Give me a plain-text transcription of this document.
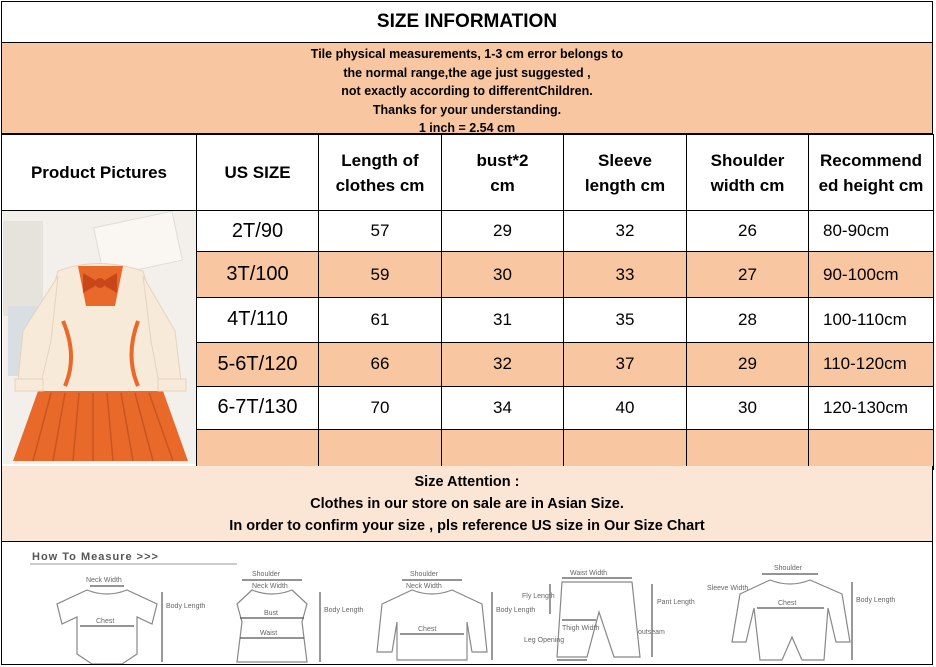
SIZE INFORMATION
Tile physical measurements, 1-3 cm error belongs to
the normal range,the age just suggested ,
not exactly according to differentChildren.
Thanks for your understanding.
1 inch = 2.54 cm
Product Pictures	US SIZE	Length of clothes cm	bust*2 cm	Sleeve length cm	Shoulder width cm	Recommend ed height cm

	2T/90	57	29	32	26	80-90cm
	3T/100	59	30	33	27	90-100cm
	4T/110	61	31	35	28	100-110cm
	5-6T/120	66	32	37	29	110-120cm
	6-7T/130	70	34	40	30	120-130cm

Size Attention :
Clothes in our store on sale are in Asian Size.
In order to confirm your size , pls reference US size in Our Size Chart
How To Measure >>>
Neck Width
Chest
Body Length
Shoulder
Neck Width
Bust
Waist
Body Length
Shoulder
Neck Width
Chest
Body Length
Waist Width
Fly Length
Thigh Width
Pant Length
outseam
Leg Opening
Shoulder
Sleeve Width
Chest	Body Length
